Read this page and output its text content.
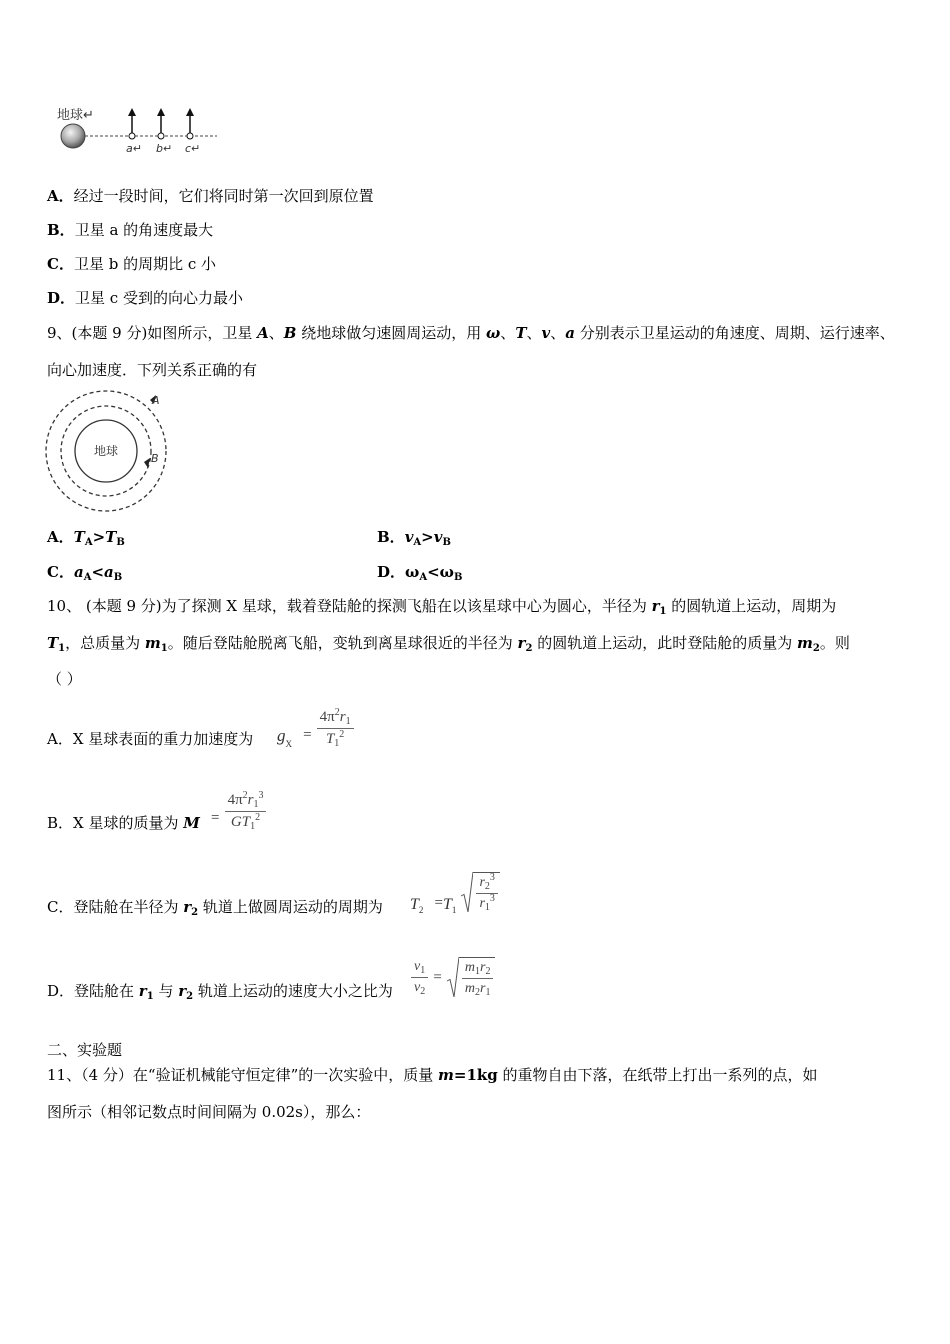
地球↵
a↵ b↵ c↵
A．经过一段时间，它们将同时第一次回到原位置
B．卫星 a 的角速度最大
C．卫星 b 的周期比 c 小
D．卫星 c 受到的向心力最小
9、(本题 9 分)如图所示，卫星 A、B 绕地球做匀速圆周运动，用 ω、T、v、a 分别表示卫星运动的角速度、周期、运行速率、
向心加速度．下列关系正确的有
地球
A
B
A．$T_A>T_B$	B．$v_A>v_B$
C．$a_A<a_B$	D．$\omega_A<\omega_B$
10、 (本题 9 分)为了探测 X 星球，载着登陆舱的探测飞船在以该星球中心为圆心，半径为 $r_1$ 的圆轨道上运动，周期为
$T_1$，总质量为 $m_1$。随后登陆舱脱离飞船，变轨到离星球很近的半径为 $r_2$ 的圆轨道上运动，此时登陆舱的质量为 $m_2$。则
（ ）
A．X 星球表面的重力加速度为 $g_X = \frac{4\pi^2r_1}{T_1^2}$
B．X 星球的质量为 $M = \frac{4\pi^2r_1^3}{GT_1^2}$
C．登陆舱在半径为 $r_2$ 轨道上做圆周运动的周期为 $T_2 =T_1 \frac{r_2^3}{r_1^3}$
D．登陆舱在 $r_1$ 与 $r_2$ 轨道上运动的速度大小之比为 $\frac{v_1}{v_2} = \frac{m_1r_2}{m_2r_1}$
二、实验题
11、（4 分）在“验证机械能守恒定律”的一次实验中，质量 m=1kg 的重物自由下落，在纸带上打出一系列的点，如
图所示（相邻记数点时间间隔为 0.02s），那么：
